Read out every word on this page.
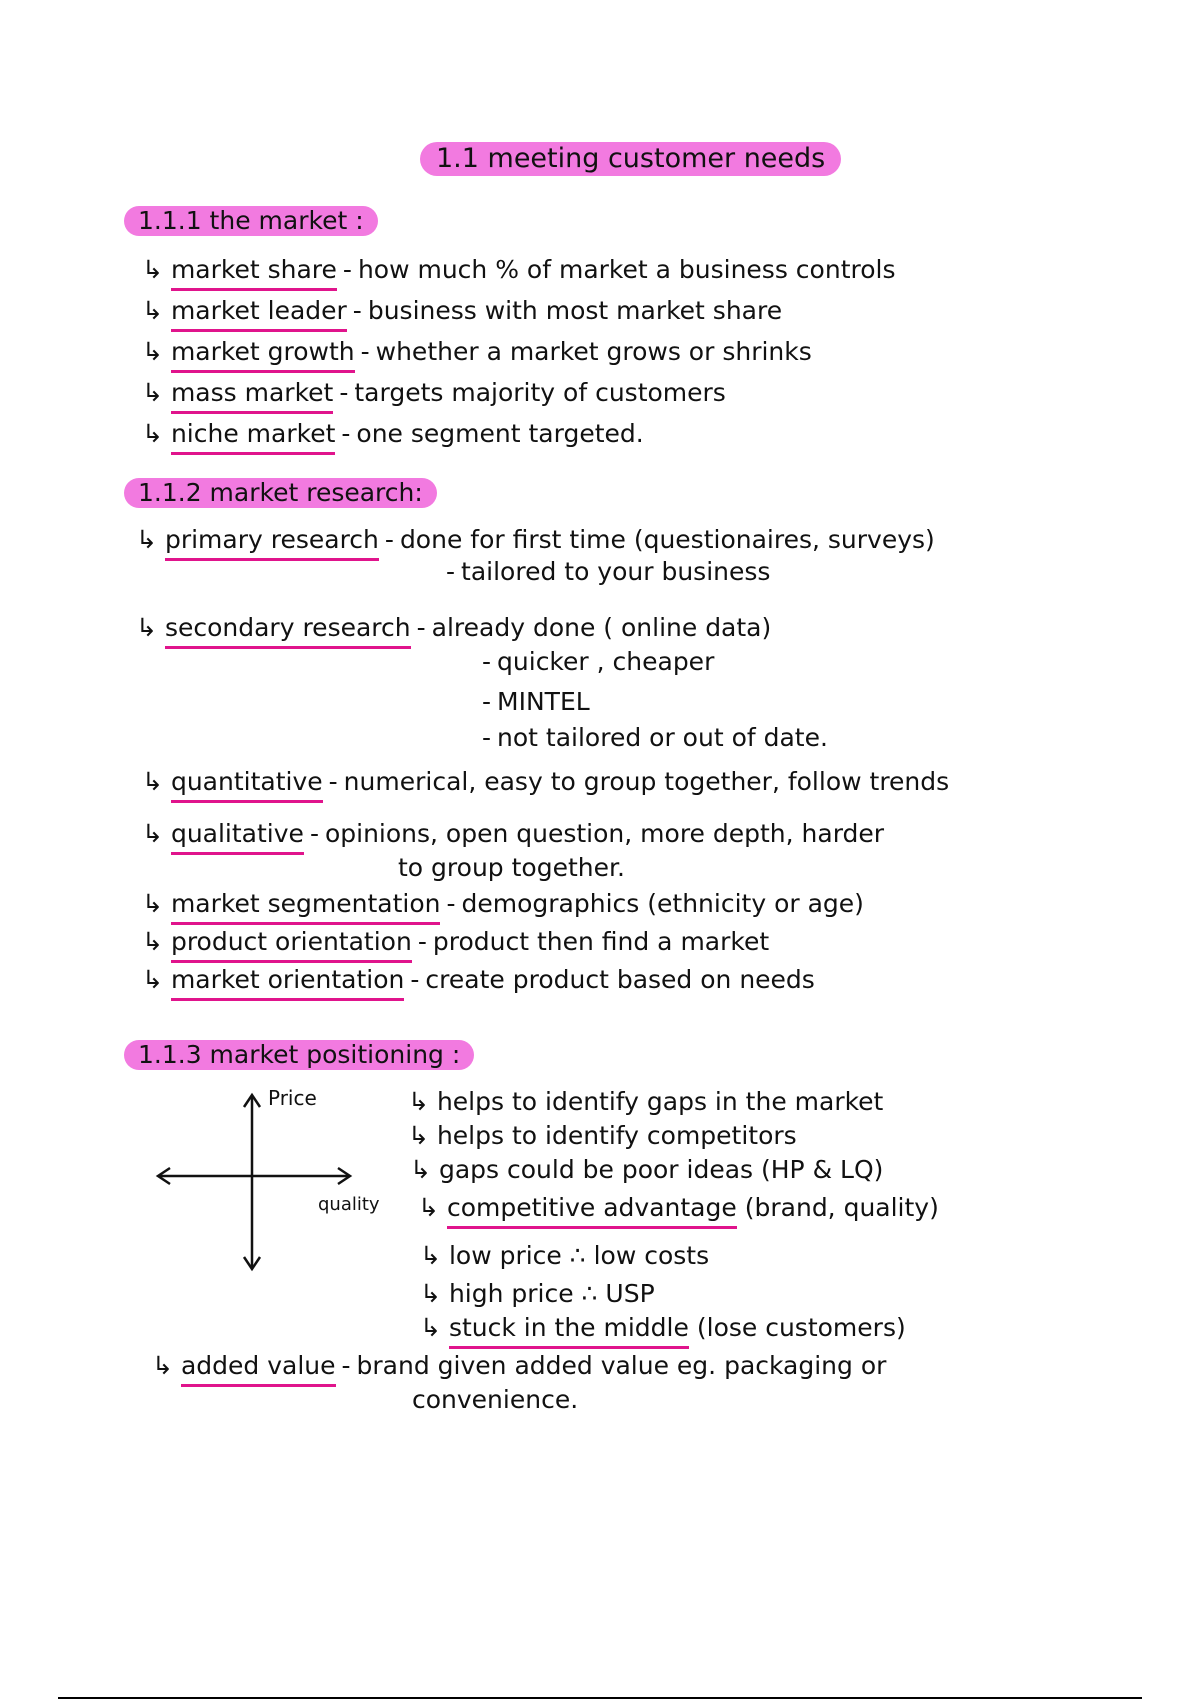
1.1 meeting customer needs
1.1.1 the market :
↳ market share - how much % of market a business controls
↳ market leader - business with most market share
↳ market growth - whether a market grows or shrinks
↳ mass market - targets majority of customers
↳ niche market - one segment targeted.
1.1.2 market research:
↳ primary research - done for first time (questionaires, surveys)
- tailored to your business
↳ secondary research - already done ( online data)
- quicker , cheaper
- MINTEL
- not tailored or out of date.
↳ quantitative - numerical, easy to group together, follow trends
↳ qualitative - opinions, open question, more depth, harder
to group together.
↳ market segmentation - demographics (ethnicity or age)
↳ product orientation - product then find a market
↳ market orientation - create product based on needs
1.1.3 market positioning :
Price
quality
↳ helps to identify gaps in the market
↳ helps to identify competitors
↳ gaps could be poor ideas (HP & LQ)
↳ competitive advantage (brand, quality)
↳ low price ∴ low costs
↳ high price ∴ USP
↳ stuck in the middle (lose customers)
↳ added value - brand given added value eg. packaging or
convenience.
